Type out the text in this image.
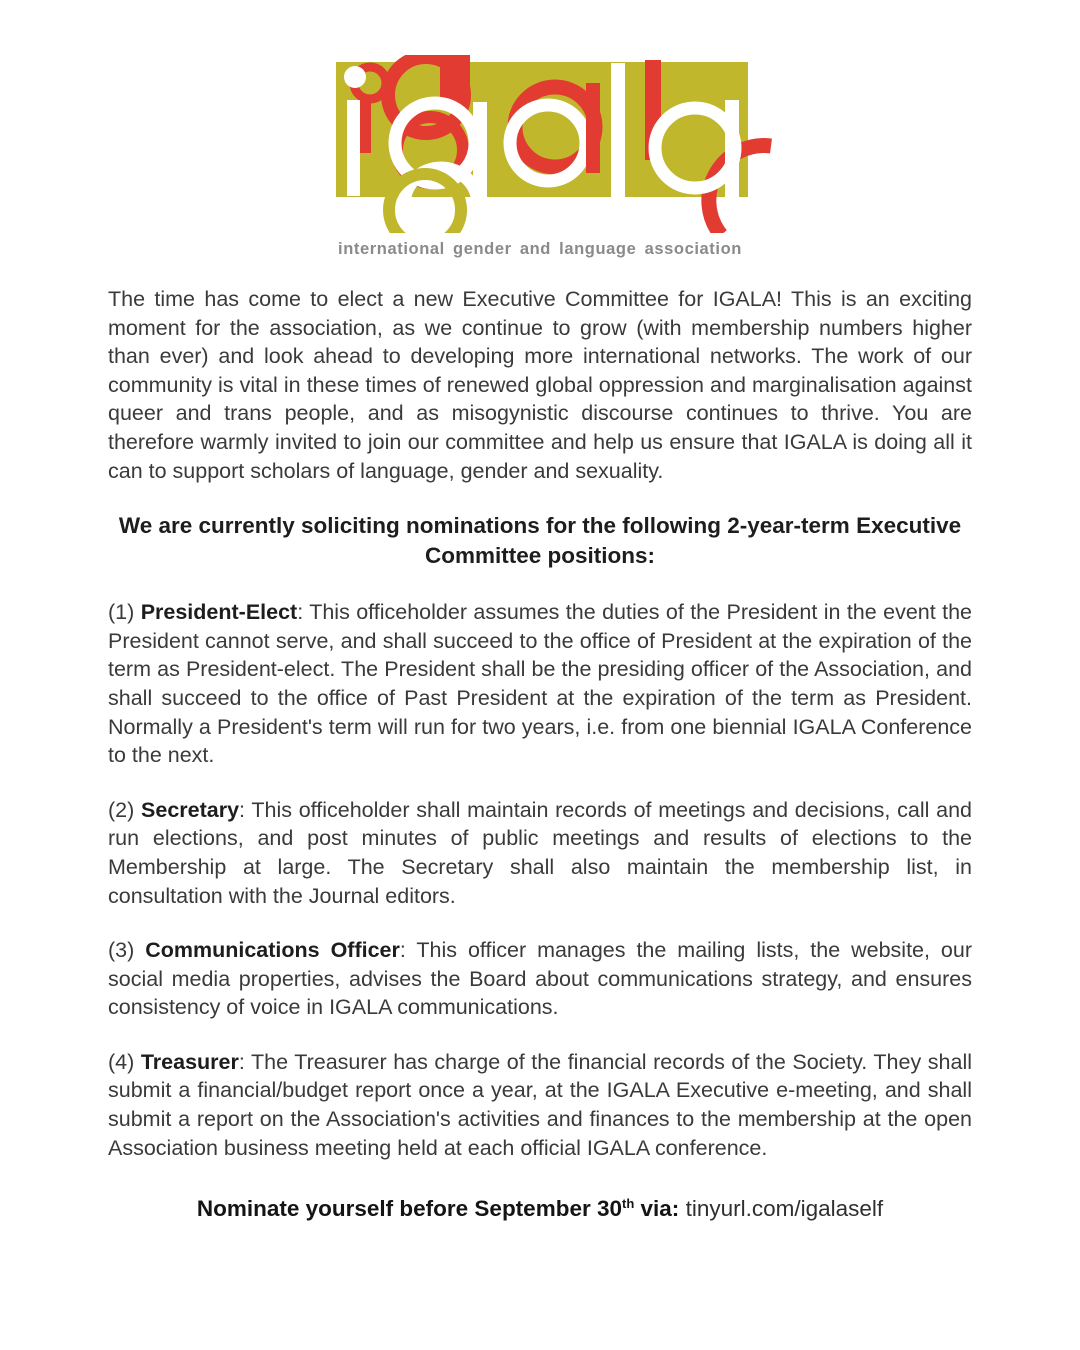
international gender and language association

The time has come to elect a new Executive Committee for IGALA! This is an exciting moment for the association, as we continue to grow (with membership numbers higher than ever) and look ahead to developing more international networks. The work of our community is vital in these times of renewed global oppression and marginalisation against queer and trans people, and as misogynistic discourse continues to thrive. You are therefore warmly invited to join our committee and help us ensure that IGALA is doing all it can to support scholars of language, gender and sexuality.

We are currently soliciting nominations for the following 2-year-term Executive Committee positions:

(1) President-Elect: This officeholder assumes the duties of the President in the event the President cannot serve, and shall succeed to the office of President at the expiration of the term as President-elect. The President shall be the presiding officer of the Association, and shall succeed to the office of Past President at the expiration of the term as President. Normally a President's term will run for two years, i.e. from one biennial IGALA Conference to the next.

(2) Secretary: This officeholder shall maintain records of meetings and decisions, call and run elections, and post minutes of public meetings and results of elections to the Membership at large. The Secretary shall also maintain the membership list, in consultation with the Journal editors.

(3) Communications Officer: This officer manages the mailing lists, the website, our social media properties, advises the Board about communications strategy, and ensures consistency of voice in IGALA communications.

(4) Treasurer: The Treasurer has charge of the financial records of the Society. They shall submit a financial/budget report once a year, at the IGALA Executive e-meeting, and shall submit a report on the Association's activities and finances to the membership at the open Association business meeting held at each official IGALA conference.

Nominate yourself before September 30th via: tinyurl.com/igalaself
